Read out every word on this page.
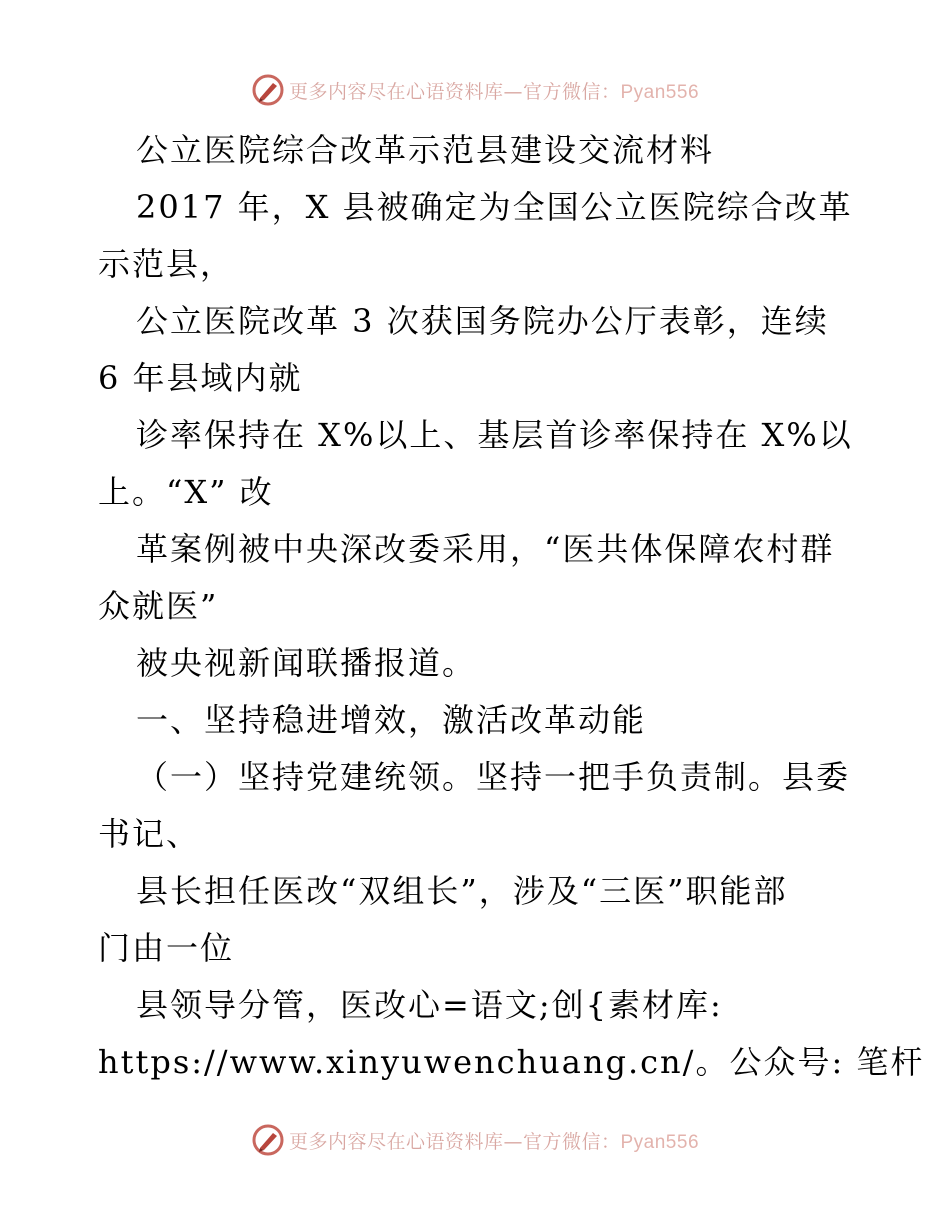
更多内容尽在心语资料库—官方微信：Pyan556
公立医院综合改革示范县建设交流材料
2017 年，X 县被确定为全国公立医院综合改革
示范县，
公立医院改革 3 次获国务院办公厅表彰，连续
6 年县域内就
诊率保持在 X%以上、基层首诊率保持在 X%以
上。“X” 改
革案例被中央深改委采用，“医共体保障农村群
众就医”
被央视新闻联播报道。
一、坚持稳进增效，激活改革动能
（一）坚持党建统领。坚持一把手负责制。县委
书记、
县长担任医改“双组长”，涉及“三医”职能部
门由一位
县领导分管，医改心=语文;创{素材库:
https://www.xinyuwenchuang.cn/。公众号: 笔杆
更多内容尽在心语资料库—官方微信：Pyan556
